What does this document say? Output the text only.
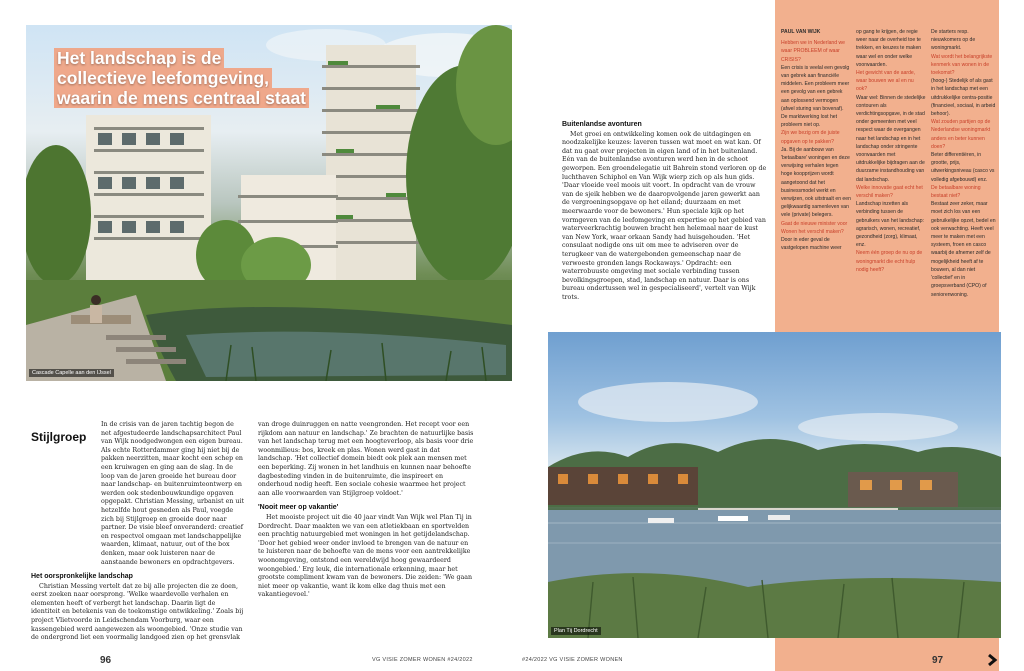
Het landschap is de collectieve leefomgeving, waarin de mens centraal staat
Cascade Capelle aan den IJssel
Stijlgroep

In de crisis van de jaren tachtig begon de net afgestudeerde landschapsarchitect Paul van Wijk noodgedwongen een eigen bureau. Als echte Rotterdammer ging hij niet bij de pakken neerzitten, maar kocht een schep en een kruiwagen en ging aan de slag. In de loop van de jaren groeide het bureau door naar landschap- en buitenruimteontwerp en werden ook stedenbouwkundige opgaven opgepakt. Christian Messing, urbanist en uit hetzelfde hout gesneden als Paul, voegde zich bij Stijlgroep en groeide door naar partner. De visie bleef onveranderd: creatief en respectvol omgaan met landschappelijke waarden, klimaat, natuur, out of the box denken, maar ook luisteren naar de aanstaande bewoners en opdrachtgevers.

Het oorspronkelijke landschap

Christian Messing vertelt dat ze bij alle projecten die ze doen, eerst zoeken naar oorsprong. 'Welke waardevolle verhalen en elementen heeft of verbergt het landschap. Daarin ligt de identiteit en betekenis van de toekomstige ontwikkeling.' Zoals bij project Vlietvoorde in Leidschendam Voorburg, waar een kassengebied werd aangewezen als woongebied. 'Onze studie van de ondergrond liet een voormalig landgoed zien op het grensvlak

van droge duinruggen en natte veengronden. Het recept voor een rijkdom aan natuur en landschap.' Ze brachten de natuurlijke basis van het landschap terug met een hoogteverloop, als basis voor drie woonmilieus: bos, kreek en plas. Wonen werd gast in dat landschap. 'Het collectief domein biedt ook plek aan mensen met een beperking. Zij wonen in het landhuis en kunnen naar behoefte dagbesteding vinden in de buitenruimte, die inspireert en onderhoud nodig heeft. Een sociale cohesie waarmee het project aan alle voorwaarden van Stijlgroep voldoet.'

'Nooit meer op vakantie'

Het mooiste project uit die 40 jaar vindt Van Wijk wel Plan Tij in Dordrecht. Daar maakten we van een atletiekbaan en sportvelden een prachtig natuurgebied met woningen in het getijdelandschap. 'Door het gebied weer onder invloed te brengen van de natuur en te luisteren naar de behoefte van de mens voor een aantrekkelijke woonomgeving, ontstond een wereldwijd hoog gewaardeerd woongebied.' Erg leuk, die internationale erkenning, maar het grootste compliment kwam van de bewoners. Die zeiden: 'We gaan niet meer op vakantie, want ik kom elke dag thuis met een vakantiegevoel.'

Buitenlandse avonturen

Met groei en ontwikkeling komen ook de uitdagingen en noodzakelijke keuzes: laveren tussen wat moet en wat kan. Of dat nu gaat over projecten in eigen land of in het buitenland. Eén van de buitenlandse avonturen werd hen in de schoot geworpen. Een groendelegatie uit Bahrein stond verloren op de luchthaven Schiphol en Van Wijk wierp zich op als hun gids. 'Daar vloeide veel moois uit voort. In opdracht van de vrouw van de sjeik hebben we de daaropvolgende jaren gewerkt aan de vergroeningsopgave op het eiland; duurzaam en met meerwaarde voor de bewoners.' Hun speciale kijk op het vormgeven van de leefomgeving en expertise op het gebied van waterveerkrachtig bouwen bracht hen helemaal naar de kust van New York, waar orkaan Sandy had huisgehouden. 'Het consulaat nodigde ons uit om mee te adviseren over de terugkeer van de watergebonden gemeenschap naar de verwoeste gronden langs Rockaways.' Opdracht: een waterrobuuste omgeving met sociale verbinding tussen bevolkingsgroepen, stad, landschap en natuur. Daar is ons bureau ondertussen wel in gespecialiseerd', vertelt van Wijk trots.

PAUL VAN WIJK
Hebben we in Nederland we waar PROBLEEM of waar CRISIS?
Een crisis is veelal een gevolg van gebrek aan financiële middelen. Een probleem meer een gevolg van een gebrek aan oplossend vermogen (afwel sturing van bovenaf). De marktwerking lost het probleem niet op.
Zijn we bezig om de juiste opgaven op te pakken?
Ja. Bij de aanbouw van 'betaalbare' woningen en deze verwijsing verhalen tegen hoge koopprijzen wordt aangetoond dat het businessmodel werkt en verwijzen, ook uitstraalt en een gelijkwaardig samenleven van vele (private) belegers.
Gaat de nieuwe minister voor Wonen het verschil maken?
Door in eder geval de vastgelopen machine weer
op gang te krijgen, de regie weer naar de overheid toe te trekken, en keuzes te maken waar wel en onder welke voorwaarden.
Het gewicht van de aarde, waar bouwen we al en nu ook?
Waar wel: Binnen de stedelijke contouren als verdichtingsopgave, in de stad onder gemeenten met veel respect waar de overgangen naar het landschap en in het landschap onder stringente voorwaarden met uitdrukkelijke bijdragen aan de duurzame instandhouding van dat landschap.
Welke innovatie gaat echt het verschil maken?
Landschap inzetten als verbinding tussen de gebruikers van het landschap: agrarisch, wonen, recreatief, gezondheid (zorg), klimaat, enz.
Neem één groep de nu op de woningmarkt die echt hulp nodig heeft?
De starters resp. nieuwkomers op de woningmarkt.
Wat wordt het belangrijkste kenmerk van wonen in de toekomst?
(hoog-) Stedelijk of als gast in het landschap met een uitdrukkelijke centra-positie (financieel, sociaal, in arbeid behoor).
Wat zouden partijen op de Nederlandse woningmarkt anders en beter kunnen doen?
Beter differentiëren, in grootte, prijs, uitwerkingsniveau (casco vs volledig afgebouwd) enz.
De betaalbare woning bestaat niet?
Bestaat zeer zeker, maar moet zich los van een gebruikelijke opzet, bedel en ook verwachting. Heeft veel meer te maken met een systeem, froen en casco waarbij de afnemer zelf de mogelijkheid heeft af te bouwen, al dan niet 'collectief' en in groepsverband (CPO) of seniorenwoning.
Plan Tij Dordrecht
96	VG VISIE ZOMER WONEN #24/2022	#24/2022 VG VISIE ZOMER WONEN	97
